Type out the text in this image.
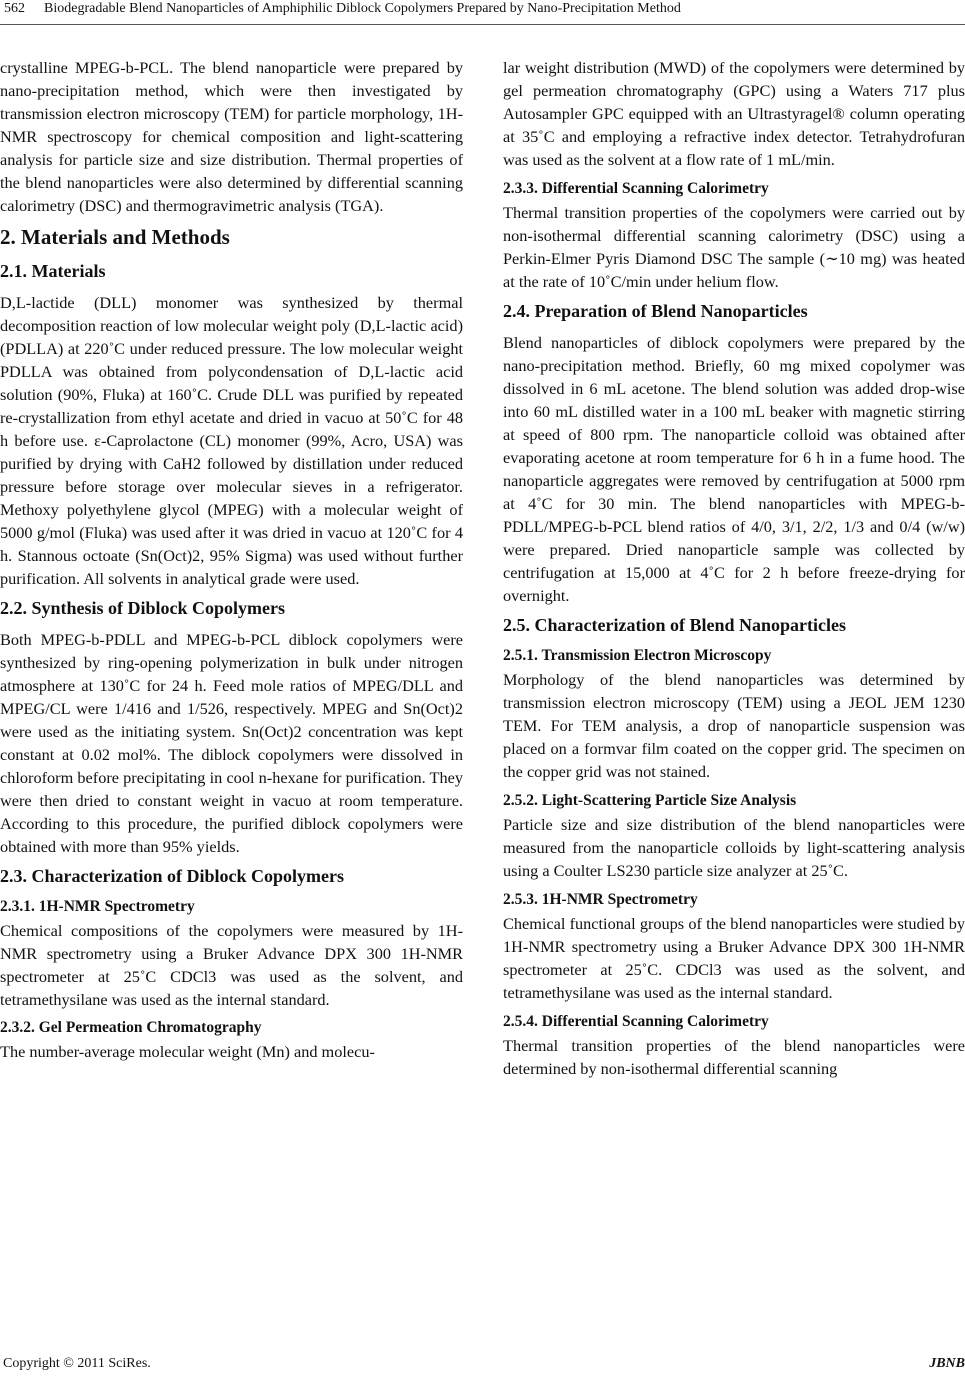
562 Biodegradable Blend Nanoparticles of Amphiphilic Diblock Copolymers Prepared by Nano-Precipitation Method

crystalline MPEG-b-PCL. The blend nanoparticle were prepared by nano-precipitation method, which were then investigated by transmission electron microscopy (TEM) for particle morphology, 1H-NMR spectroscopy for chemical composition and light-scattering analysis for particle size and size distribution. Thermal properties of the blend nanoparticles were also determined by differential scanning calorimetry (DSC) and thermogravimetric analysis (TGA).

2. Materials and Methods
2.1. Materials

D,L-lactide (DLL) monomer was synthesized by thermal decomposition reaction of low molecular weight poly (D,L-lactic acid) (PDLLA) at 220˚C under reduced pressure. The low molecular weight PDLLA was obtained from polycondensation of D,L-lactic acid solution (90%, Fluka) at 160˚C. Crude DLL was purified by repeated re-crystallization from ethyl acetate and dried in vacuo at 50˚C for 48 h before use. ε-Caprolactone (CL) monomer (99%, Acro, USA) was purified by drying with CaH2 followed by distillation under reduced pressure before storage over molecular sieves in a refrigerator. Methoxy polyethylene glycol (MPEG) with a molecular weight of 5000 g/mol (Fluka) was used after it was dried in vacuo at 120˚C for 4 h. Stannous octoate (Sn(Oct)2, 95% Sigma) was used without further purification. All solvents in analytical grade were used.

2.2. Synthesis of Diblock Copolymers

Both MPEG-b-PDLL and MPEG-b-PCL diblock copolymers were synthesized by ring-opening polymerization in bulk under nitrogen atmosphere at 130˚C for 24 h. Feed mole ratios of MPEG/DLL and MPEG/CL were 1/416 and 1/526, respectively. MPEG and Sn(Oct)2 were used as the initiating system. Sn(Oct)2 concentration was kept constant at 0.02 mol%. The diblock copolymers were dissolved in chloroform before precipitating in cool n-hexane for purification. They were then dried to constant weight in vacuo at room temperature. According to this procedure, the purified diblock copolymers were obtained with more than 95% yields.

2.3. Characterization of Diblock Copolymers
2.3.1. 1H-NMR Spectrometry

Chemical compositions of the copolymers were measured by 1H-NMR spectrometry using a Bruker Advance DPX 300 1H-NMR spectrometer at 25˚C CDCl3 was used as the solvent, and tetramethysilane was used as the internal standard.

2.3.2. Gel Permeation Chromatography

The number-average molecular weight (Mn) and molecu-

lar weight distribution (MWD) of the copolymers were determined by gel permeation chromatography (GPC) using a Waters 717 plus Autosampler GPC equipped with an Ultrastyragel® column operating at 35˚C and employing a refractive index detector. Tetrahydrofuran was used as the solvent at a flow rate of 1 mL/min.

2.3.3. Differential Scanning Calorimetry

Thermal transition properties of the copolymers were carried out by non-isothermal differential scanning calorimetry (DSC) using a Perkin-Elmer Pyris Diamond DSC The sample (∼10 mg) was heated at the rate of 10˚C/min under helium flow.

2.4. Preparation of Blend Nanoparticles

Blend nanoparticles of diblock copolymers were prepared by the nano-precipitation method. Briefly, 60 mg mixed copolymer was dissolved in 6 mL acetone. The blend solution was added drop-wise into 60 mL distilled water in a 100 mL beaker with magnetic stirring at speed of 800 rpm. The nanoparticle colloid was obtained after evaporating acetone at room temperature for 6 h in a fume hood. The nanoparticle aggregates were removed by centrifugation at 5000 rpm at 4˚C for 30 min. The blend nanoparticles with MPEG-b-PDLL/MPEG-b-PCL blend ratios of 4/0, 3/1, 2/2, 1/3 and 0/4 (w/w) were prepared. Dried nanoparticle sample was collected by centrifugation at 15,000 at 4˚C for 2 h before freeze-drying for overnight.

2.5. Characterization of Blend Nanoparticles
2.5.1. Transmission Electron Microscopy

Morphology of the blend nanoparticles was determined by transmission electron microscopy (TEM) using a JEOL JEM 1230 TEM. For TEM analysis, a drop of nanoparticle suspension was placed on a formvar film coated on the copper grid. The specimen on the copper grid was not stained.

2.5.2. Light-Scattering Particle Size Analysis

Particle size and size distribution of the blend nanoparticles were measured from the nanoparticle colloids by light-scattering analysis using a Coulter LS230 particle size analyzer at 25˚C.

2.5.3. 1H-NMR Spectrometry

Chemical functional groups of the blend nanoparticles were studied by 1H-NMR spectrometry using a Bruker Advance DPX 300 1H-NMR spectrometer at 25˚C. CDCl3 was used as the solvent, and tetramethysilane was used as the internal standard.

2.5.4. Differential Scanning Calorimetry

Thermal transition properties of the blend nanoparticles were determined by non-isothermal differential scanning

Copyright © 2011 SciRes.	JBNB
